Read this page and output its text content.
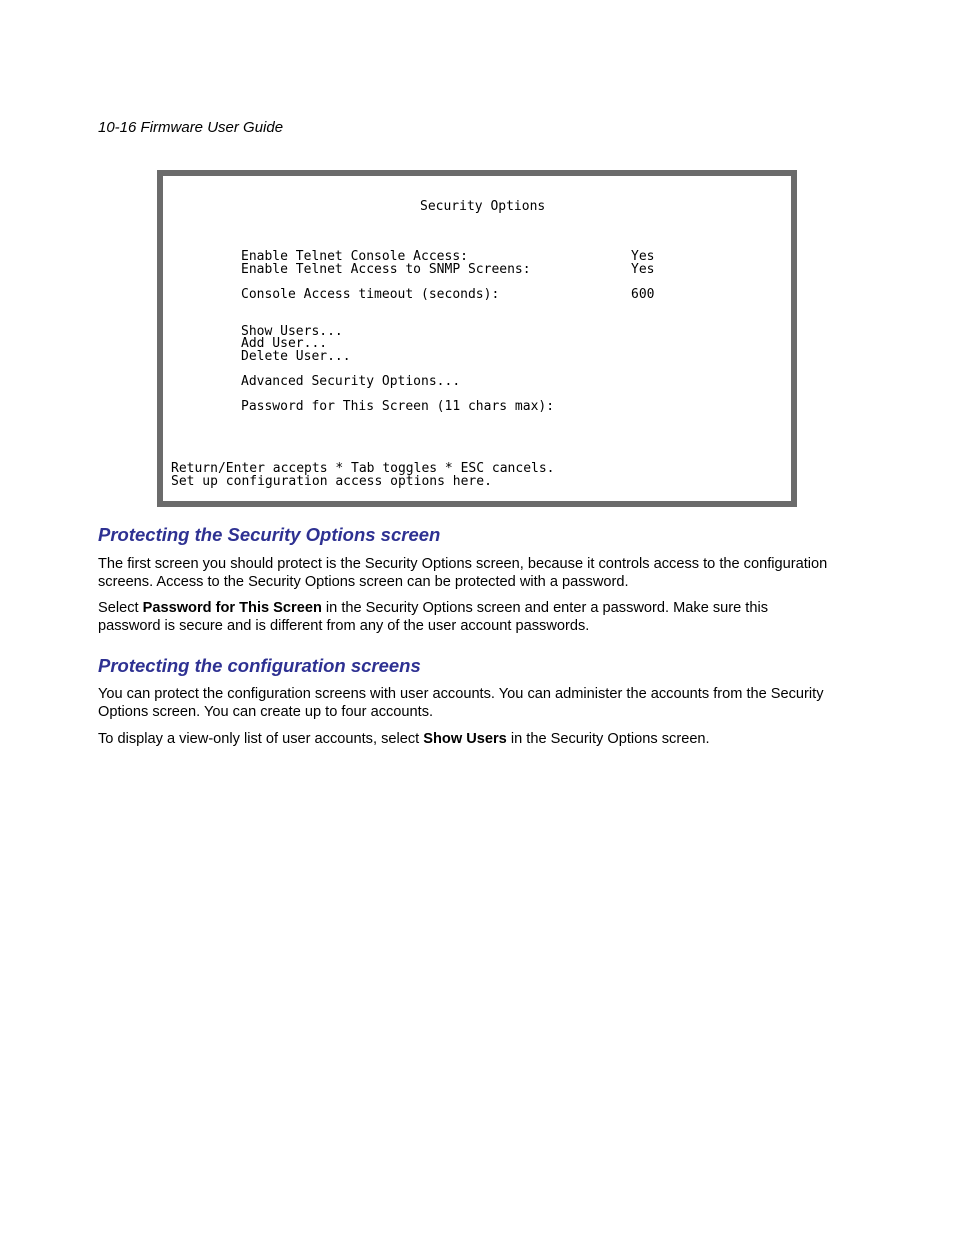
10-16 Firmware User Guide
Security Options
Enable Telnet Console Access:	Yes
Enable Telnet Access to SNMP Screens:	Yes
Console Access timeout (seconds):	600
Show Users...
Add User...
Delete User...
Advanced Security Options...
Password for This Screen (11 chars max):
Return/Enter accepts * Tab toggles * ESC cancels.
Set up configuration access options here.
Protecting the Security Options screen

The first screen you should protect is the Security Options screen, because it controls access to the configuration screens. Access to the Security Options screen can be protected with a password.

Select Password for This Screen in the Security Options screen and enter a password. Make sure this password is secure and is different from any of the user account passwords.

Protecting the configuration screens

You can protect the configuration screens with user accounts. You can administer the accounts from the Security Options screen. You can create up to four accounts.

To display a view-only list of user accounts, select Show Users in the Security Options screen.
